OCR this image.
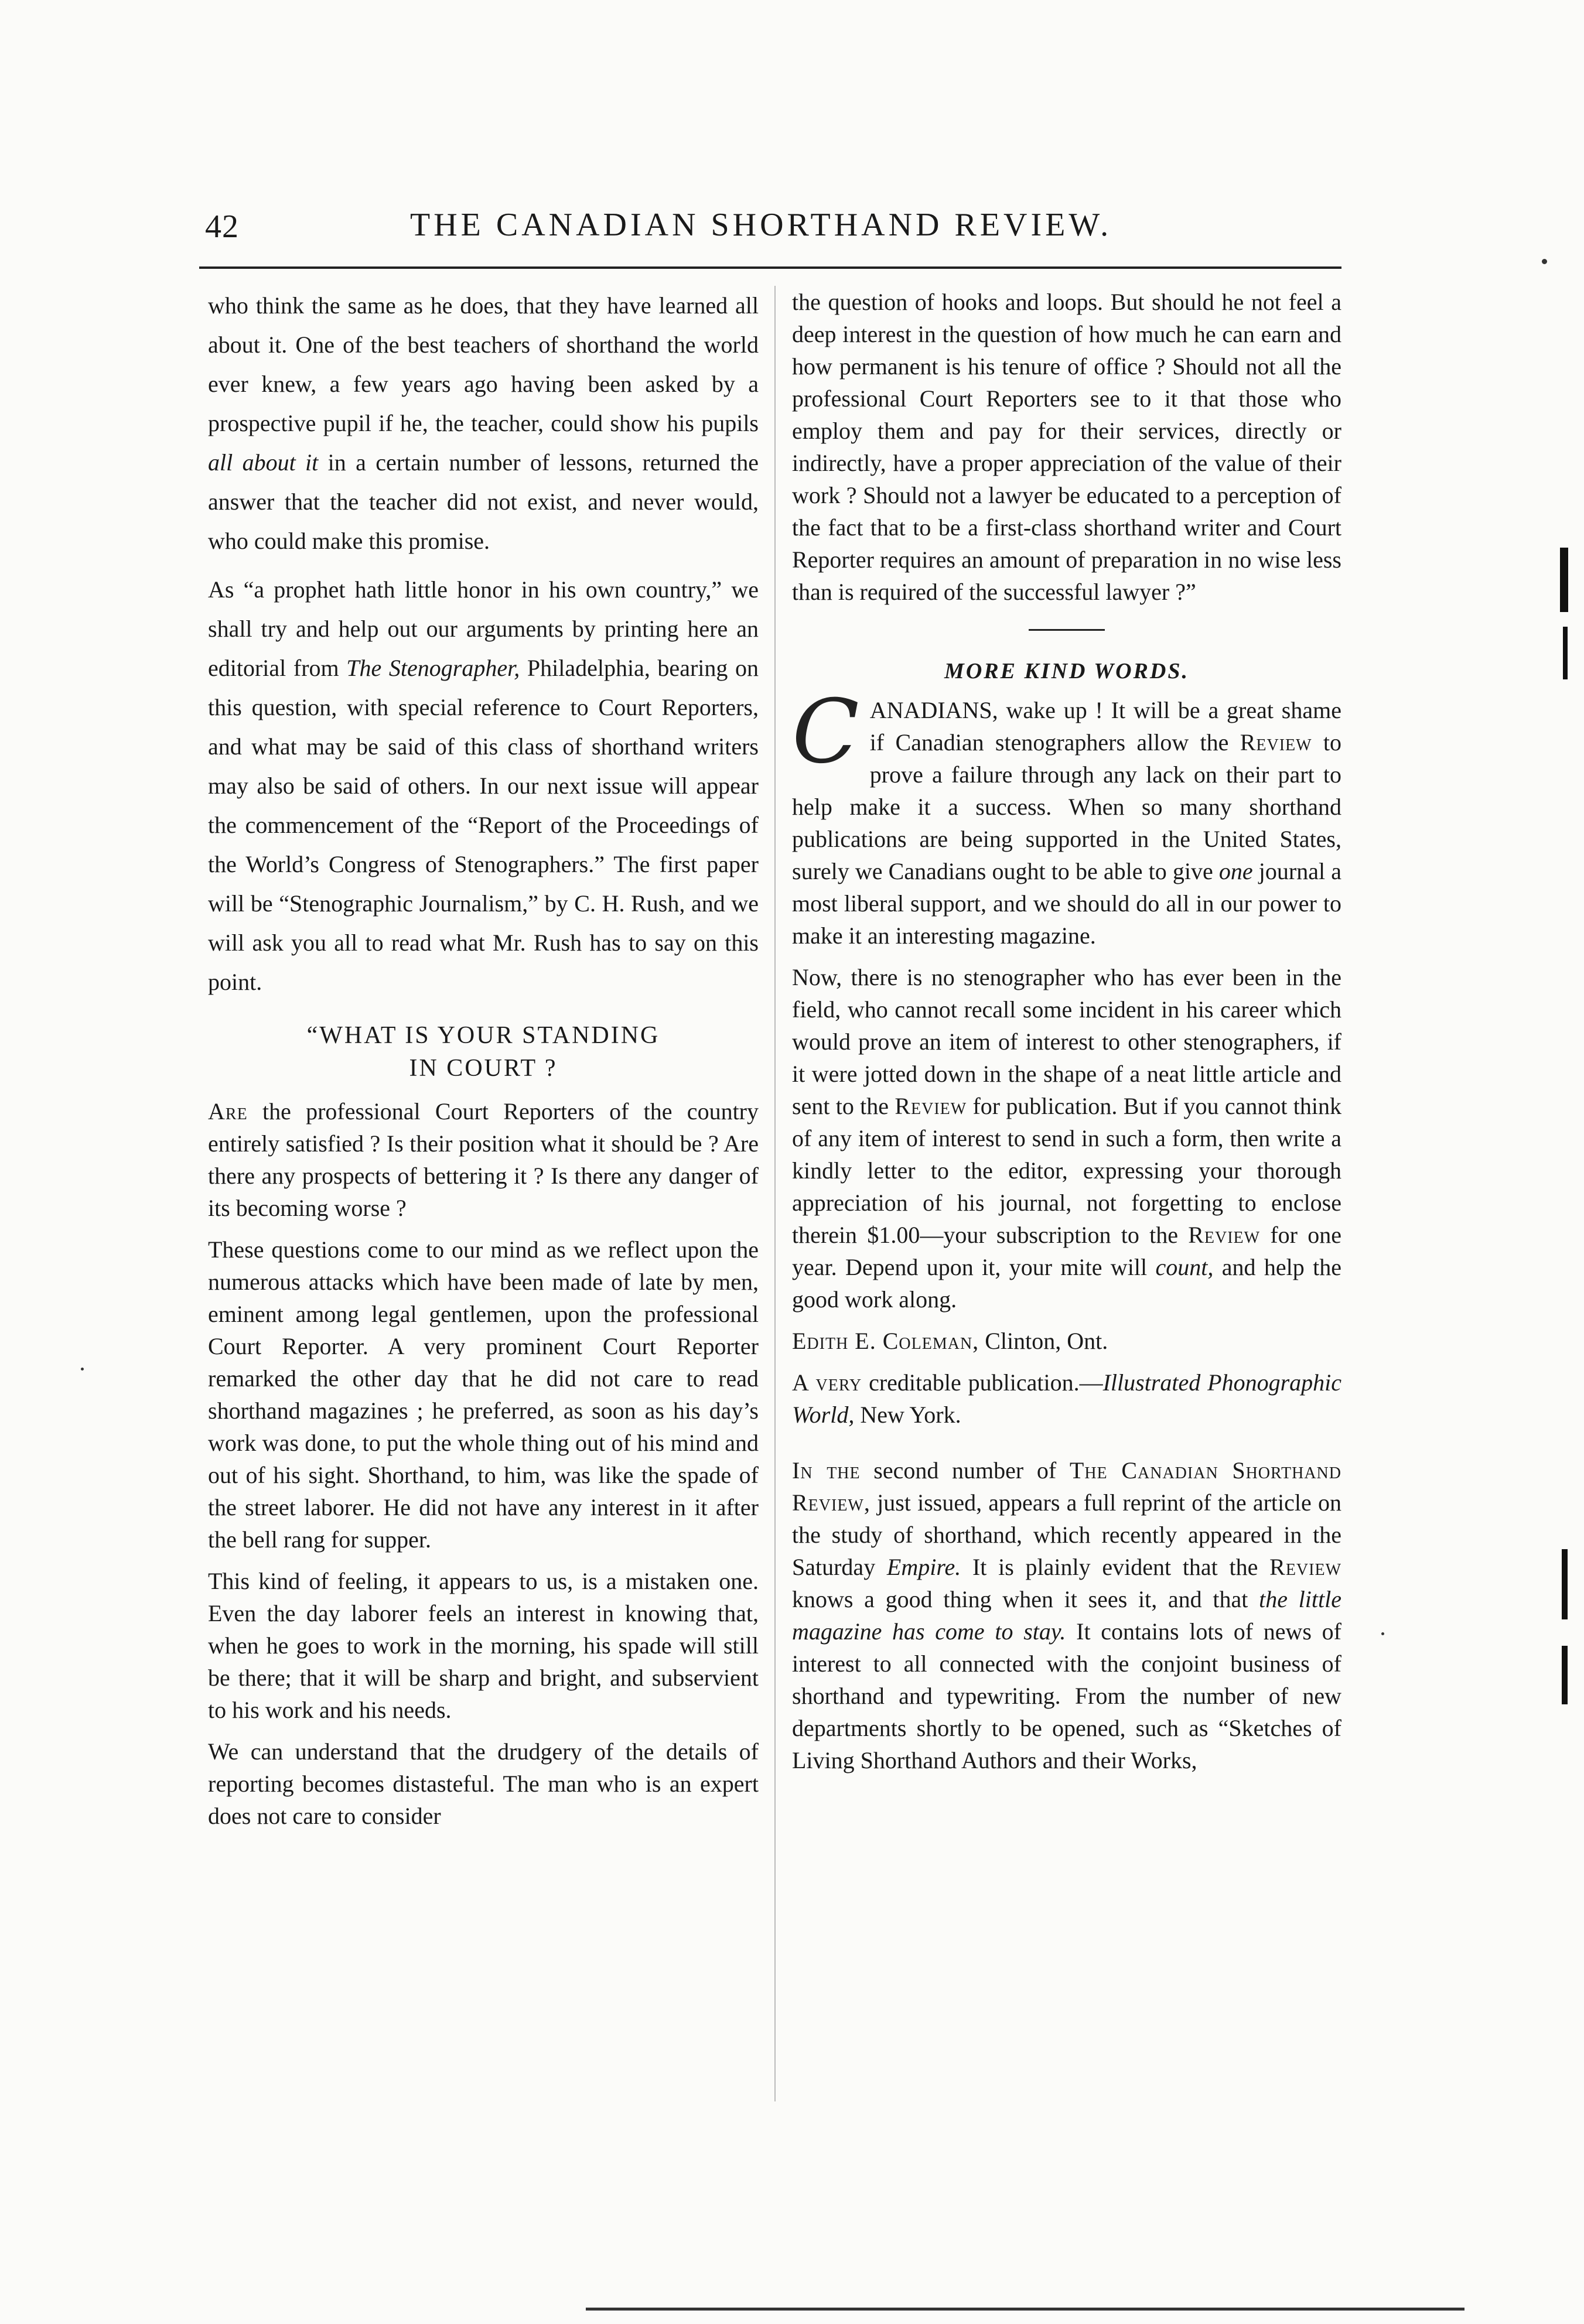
42	THE CANADIAN SHORTHAND REVIEW.

who think the same as he does, that they have learned all about it. One of the best teachers of shorthand the world ever knew, a few years ago having been asked by a prospective pupil if he, the teacher, could show his pupils all about it in a certain number of lessons, returned the answer that the teacher did not exist, and never would, who could make this promise.

As “a prophet hath little honor in his own country,” we shall try and help out our arguments by printing here an editorial from The Stenographer, Philadelphia, bearing on this question, with special reference to Court Reporters, and what may be said of this class of shorthand writers may also be said of others. In our next issue will appear the commencement of the “Report of the Proceedings of the World’s Congress of Stenographers.” The first paper will be “Stenographic Journalism,” by C. H. Rush, and we will ask you all to read what Mr. Rush has to say on this point.

“WHAT IS YOUR STANDING
IN COURT ?

Are the professional Court Reporters of the country entirely satisfied ? Is their position what it should be ? Are there any prospects of bettering it ? Is there any danger of its becoming worse ?

These questions come to our mind as we reflect upon the numerous attacks which have been made of late by men, eminent among legal gentlemen, upon the professional Court Reporter. A very prominent Court Reporter remarked the other day that he did not care to read shorthand magazines ; he preferred, as soon as his day’s work was done, to put the whole thing out of his mind and out of his sight. Shorthand, to him, was like the spade of the street laborer. He did not have any interest in it after the bell rang for supper.

This kind of feeling, it appears to us, is a mistaken one. Even the day laborer feels an interest in knowing that, when he goes to work in the morning, his spade will still be there; that it will be sharp and bright, and subservient to his work and his needs.

We can understand that the drudgery of the details of reporting becomes distasteful. The man who is an expert does not care to consider

the question of hooks and loops. But should he not feel a deep interest in the question of how much he can earn and how permanent is his tenure of office ? Should not all the professional Court Reporters see to it that those who employ them and pay for their services, directly or indirectly, have a proper appreciation of the value of their work ? Should not a lawyer be educated to a perception of the fact that to be a first-class shorthand writer and Court Reporter requires an amount of preparation in no wise less than is required of the successful lawyer ?”

MORE KIND WORDS.

CANADIANS, wake up ! It will be a great shame if Canadian stenographers allow the Review to prove a failure through any lack on their part to help make it a success. When so many shorthand publications are being supported in the United States, surely we Canadians ought to be able to give one journal a most liberal support, and we should do all in our power to make it an interesting magazine.

Now, there is no stenographer who has ever been in the field, who cannot recall some incident in his career which would prove an item of interest to other stenographers, if it were jotted down in the shape of a neat little article and sent to the Review for publication. But if you cannot think of any item of interest to send in such a form, then write a kindly letter to the editor, expressing your thorough appreciation of his journal, not forgetting to enclose therein $1.00—your subscription to the Review for one year. Depend upon it, your mite will count, and help the good work along.

Edith E. Coleman, Clinton, Ont.

A very creditable publication.—Illustrated Phonographic World, New York.

In the second number of The Canadian Shorthand Review, just issued, appears a full reprint of the article on the study of shorthand, which recently appeared in the Saturday Empire. It is plainly evident that the Review knows a good thing when it sees it, and that the little magazine has come to stay. It contains lots of news of interest to all connected with the conjoint business of shorthand and typewriting. From the number of new departments shortly to be opened, such as “Sketches of Living Shorthand Authors and their Works,
